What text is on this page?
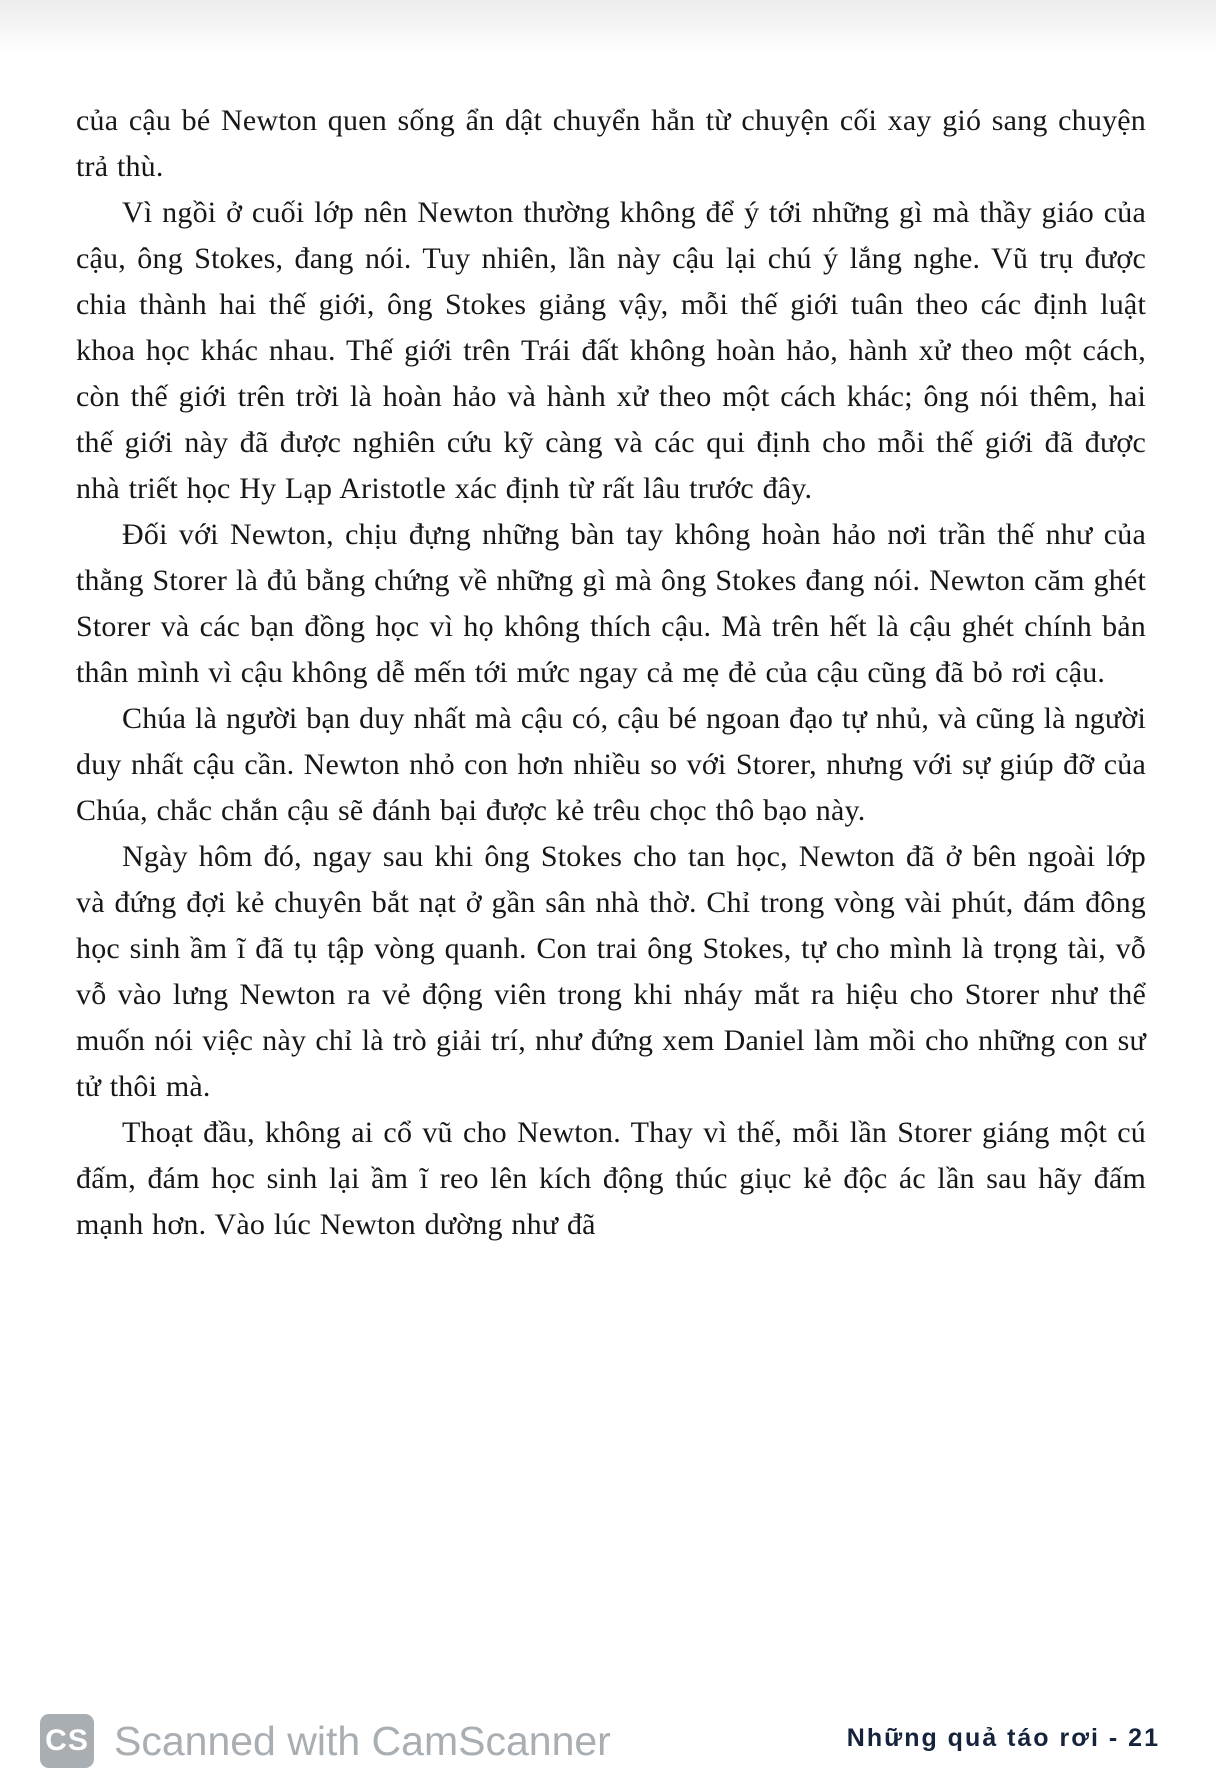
của cậu bé Newton quen sống ẩn dật chuyển hẳn từ chuyện cối xay gió sang chuyện trả thù.

Vì ngồi ở cuối lớp nên Newton thường không để ý tới những gì mà thầy giáo của cậu, ông Stokes, đang nói. Tuy nhiên, lần này cậu lại chú ý lắng nghe. Vũ trụ được chia thành hai thế giới, ông Stokes giảng vậy, mỗi thế giới tuân theo các định luật khoa học khác nhau. Thế giới trên Trái đất không hoàn hảo, hành xử theo một cách, còn thế giới trên trời là hoàn hảo và hành xử theo một cách khác; ông nói thêm, hai thế giới này đã được nghiên cứu kỹ càng và các qui định cho mỗi thế giới đã được nhà triết học Hy Lạp Aristotle xác định từ rất lâu trước đây.

Đối với Newton, chịu đựng những bàn tay không hoàn hảo nơi trần thế như của thằng Storer là đủ bằng chứng về những gì mà ông Stokes đang nói. Newton căm ghét Storer và các bạn đồng học vì họ không thích cậu. Mà trên hết là cậu ghét chính bản thân mình vì cậu không dễ mến tới mức ngay cả mẹ đẻ của cậu cũng đã bỏ rơi cậu.

Chúa là người bạn duy nhất mà cậu có, cậu bé ngoan đạo tự nhủ, và cũng là người duy nhất cậu cần. Newton nhỏ con hơn nhiều so với Storer, nhưng với sự giúp đỡ của Chúa, chắc chắn cậu sẽ đánh bại được kẻ trêu chọc thô bạo này.

Ngày hôm đó, ngay sau khi ông Stokes cho tan học, Newton đã ở bên ngoài lớp và đứng đợi kẻ chuyên bắt nạt ở gần sân nhà thờ. Chỉ trong vòng vài phút, đám đông học sinh ầm ĩ đã tụ tập vòng quanh. Con trai ông Stokes, tự cho mình là trọng tài, vỗ vỗ vào lưng Newton ra vẻ động viên trong khi nháy mắt ra hiệu cho Storer như thể muốn nói việc này chỉ là trò giải trí, như đứng xem Daniel làm mồi cho những con sư tử thôi mà.

Thoạt đầu, không ai cổ vũ cho Newton. Thay vì thế, mỗi lần Storer giáng một cú đấm, đám học sinh lại ầm ĩ reo lên kích động thúc giục kẻ độc ác lần sau hãy đấm mạnh hơn. Vào lúc Newton dường như đã

CS Scanned with CamScanner	Những quả táo rơi - 21
